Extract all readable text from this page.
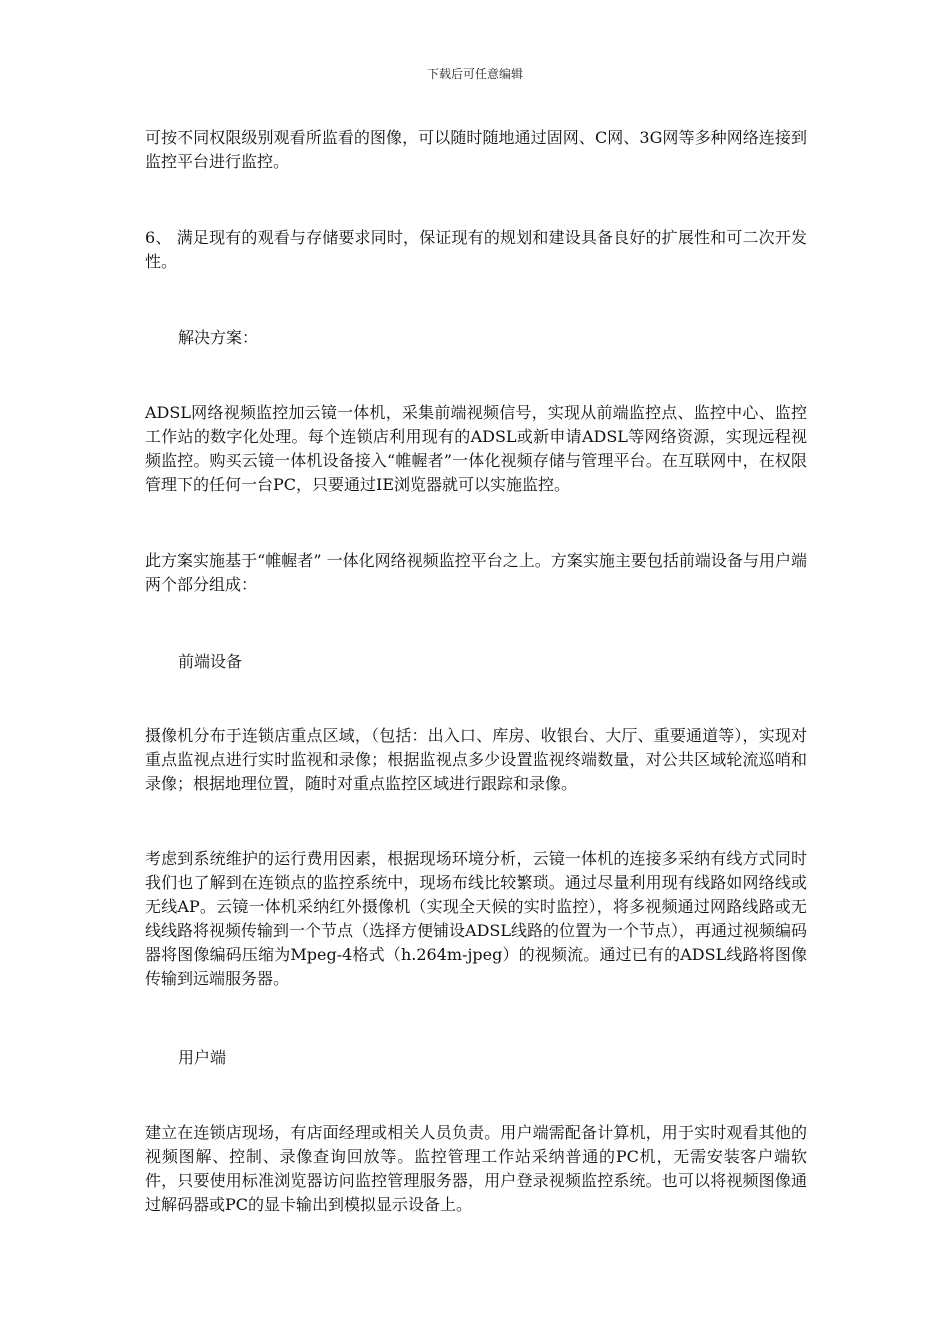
下载后可任意编辑

可按不同权限级别观看所监看的图像，可以随时随地通过固网、C网、3G网等多种网络连接到监控平台进行监控。

6、 满足现有的观看与存储要求同时，保证现有的规划和建设具备良好的扩展性和可二次开发性。

解决方案：

ADSL网络视频监控加云镜一体机，采集前端视频信号，实现从前端监控点、监控中心、监控工作站的数字化处理。每个连锁店利用现有的ADSL或新申请ADSL等网络资源，实现远程视频监控。购买云镜一体机设备接入“帷幄者”一体化视频存储与管理平台。在互联网中，在权限管理下的任何一台PC，只要通过IE浏览器就可以实施监控。

此方案实施基于“帷幄者” 一体化网络视频监控平台之上。方案实施主要包括前端设备与用户端两个部分组成：

前端设备

摄像机分布于连锁店重点区域，（包括：出入口、库房、收银台、大厅、重要通道等），实现对重点监视点进行实时监视和录像；根据监视点多少设置监视终端数量，对公共区域轮流巡哨和录像；根据地理位置，随时对重点监控区域进行跟踪和录像。

考虑到系统维护的运行费用因素，根据现场环境分析，云镜一体机的连接多采纳有线方式同时我们也了解到在连锁点的监控系统中，现场布线比较繁琐。通过尽量利用现有线路如网络线或无线AP。云镜一体机采纳红外摄像机（实现全天候的实时监控），将多视频通过网路线路或无线线路将视频传输到一个节点（选择方便铺设ADSL线路的位置为一个节点），再通过视频编码器将图像编码压缩为Mpeg-4格式（h.264m-jpeg）的视频流。通过已有的ADSL线路将图像传输到远端服务器。

用户端

建立在连锁店现场，有店面经理或相关人员负责。用户端需配备计算机，用于实时观看其他的视频图解、控制、录像查询回放等。监控管理工作站采纳普通的PC机，无需安装客户端软件，只要使用标准浏览器访问监控管理服务器，用户登录视频监控系统。也可以将视频图像通过解码器或PC的显卡输出到模拟显示设备上。
